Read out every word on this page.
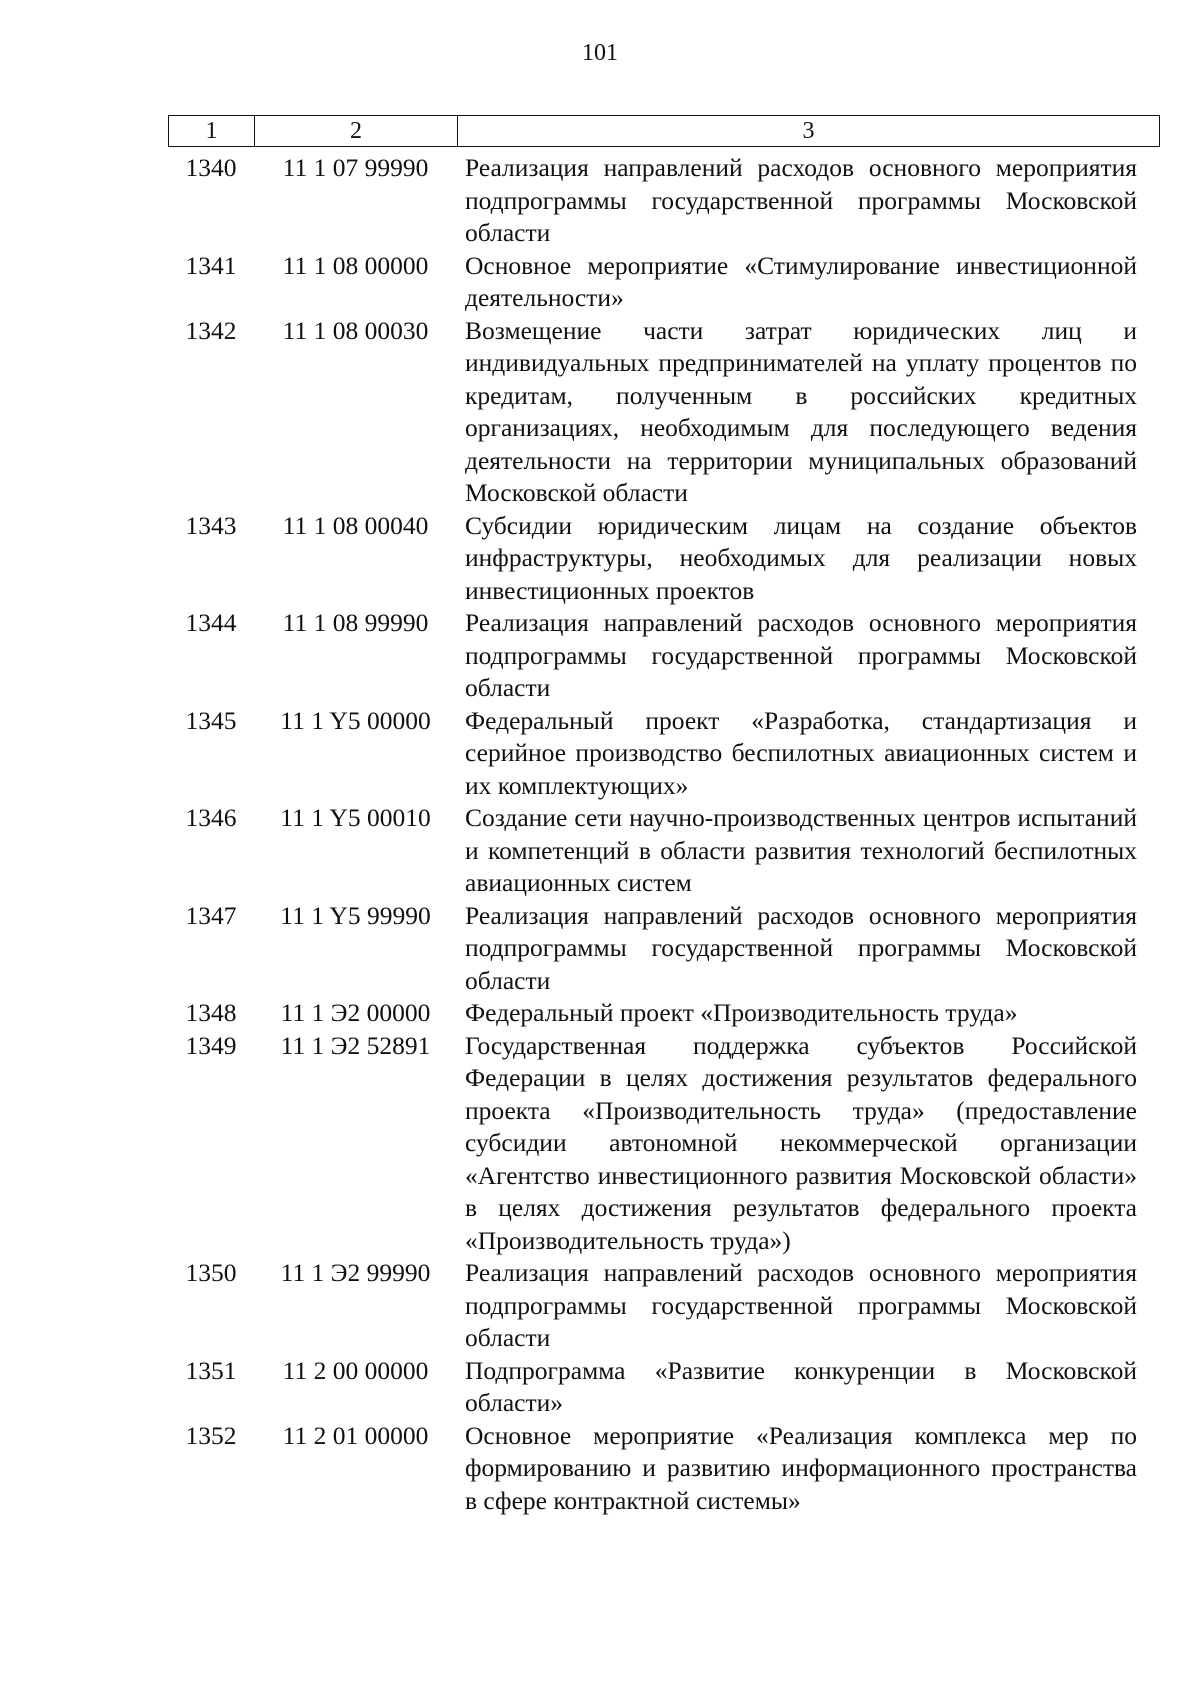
101
1	2	3
1340	11 1 07 99990	Реализация направлений расходов основного мероприятия подпрограммы государственной программы Московской области
1341	11 1 08 00000	Основное мероприятие «Стимулирование инвестиционной деятельности»
1342	11 1 08 00030	Возмещение части затрат юридических лиц и индивидуальных предпринимателей на уплату процентов по кредитам, полученным в российских кредитных организациях, необходимым для последующего ведения деятельности на территории муниципальных образований Московской области
1343	11 1 08 00040	Субсидии юридическим лицам на создание объектов инфраструктуры, необходимых для реализации новых инвестиционных проектов
1344	11 1 08 99990	Реализация направлений расходов основного мероприятия подпрограммы государственной программы Московской области
1345	11 1 Y5 00000	Федеральный проект «Разработка, стандартизация и серийное производство беспилотных авиационных систем и их комплектующих»
1346	11 1 Y5 00010	Создание сети научно-производственных центров испытаний и компетенций в области развития технологий беспилотных авиационных систем
1347	11 1 Y5 99990	Реализация направлений расходов основного мероприятия подпрограммы государственной программы Московской области
1348	11 1 Э2 00000	Федеральный проект «Производительность труда»
1349	11 1 Э2 52891	Государственная поддержка субъектов Российской Федерации в целях достижения результатов федерального проекта «Производительность труда» (предоставление субсидии автономной некоммерческой организации «Агентство инвестиционного развития Московской области» в целях достижения результатов федерального проекта «Производительность труда»)
1350	11 1 Э2 99990	Реализация направлений расходов основного мероприятия подпрограммы государственной программы Московской области
1351	11 2 00 00000	Подпрограмма «Развитие конкуренции в Московской области»
1352	11 2 01 00000	Основное мероприятие «Реализация комплекса мер по формированию и развитию информационного пространства в сфере контрактной системы»
